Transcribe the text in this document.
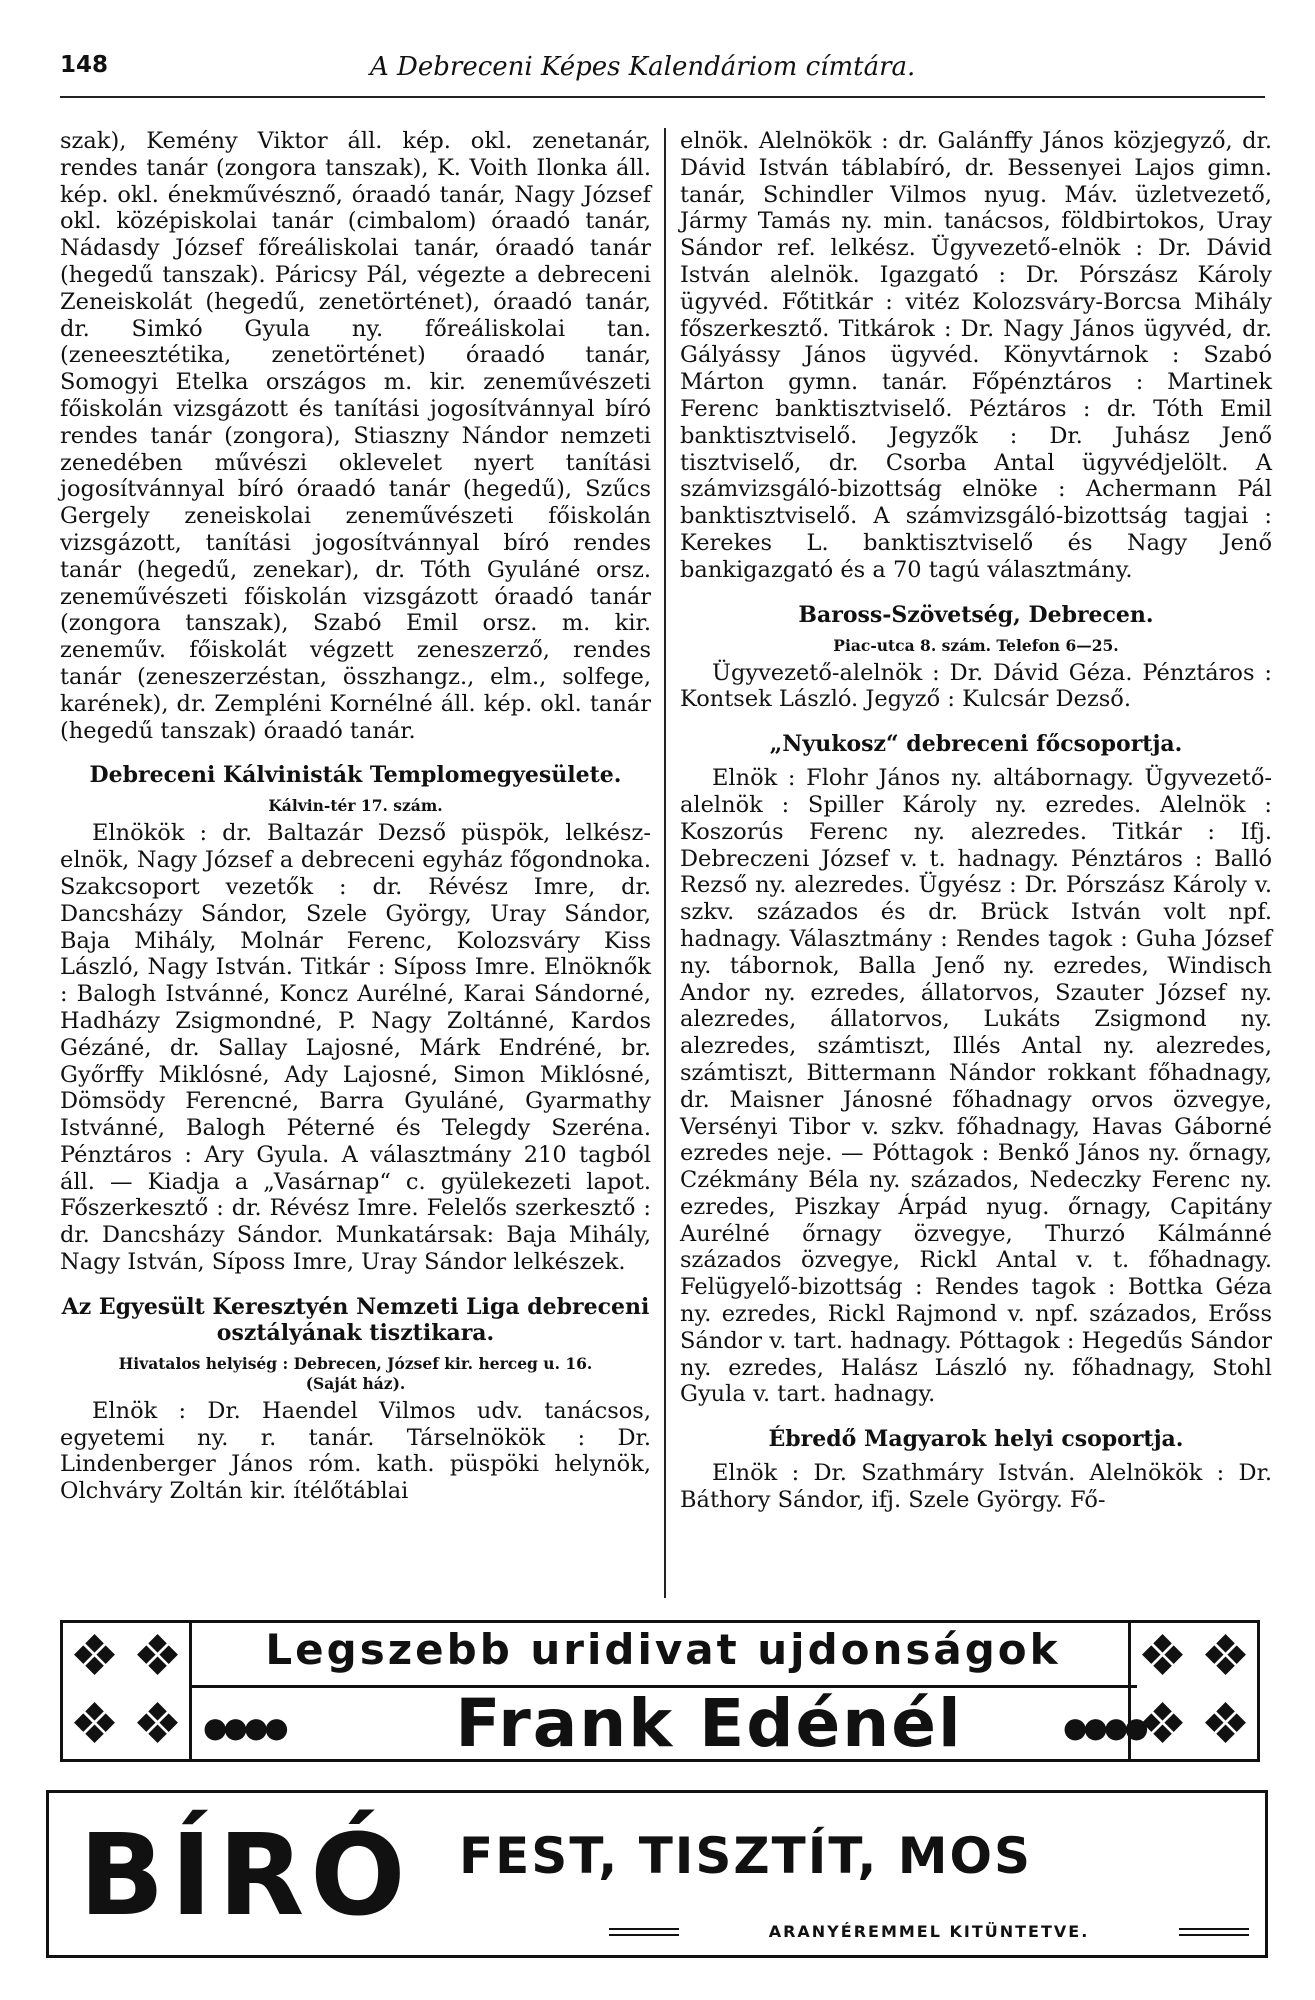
148	A Debreceni Képes Kalendáriom címtára.

szak), Kemény Viktor áll. kép. okl. zenetanár, rendes tanár (zongora tanszak), K. Voith Ilonka áll. kép. okl. énekművésznő, óraadó tanár, Nagy József okl. középiskolai tanár (cimbalom) óraadó tanár, Nádasdy József főreáliskolai tanár, óraadó tanár (hegedű tanszak). Páricsy Pál, végezte a debreceni Zeneiskolát (hegedű, zenetörténet), óraadó tanár, dr. Simkó Gyula ny. főreáliskolai tan. (zeneesztétika, zenetörténet) óraadó tanár, Somogyi Etelka országos m. kir. zeneművészeti főiskolán vizsgázott és tanítási jogosítvánnyal bíró rendes tanár (zongora), Stiaszny Nándor nemzeti zenedében művészi oklevelet nyert tanítási jogosítvánnyal bíró óraadó tanár (hegedű), Szűcs Gergely zeneiskolai zeneművészeti főiskolán vizsgázott, tanítási jogosítvánnyal bíró rendes tanár (hegedű, zenekar), dr. Tóth Gyuláné orsz. zeneművészeti főiskolán vizsgázott óraadó tanár (zongora tanszak), Szabó Emil orsz. m. kir. zeneműv. főiskolát végzett zeneszerző, rendes tanár (zeneszerzéstan, összhangz., elm., solfege, karének), dr. Zempléni Kornélné áll. kép. okl. tanár (hegedű tanszak) óraadó tanár.

Debreceni Kálvinisták Templomegyesülete.
Kálvin-tér 17. szám.

Elnökök : dr. Baltazár Dezső püspök, lelkész-elnök, Nagy József a debreceni egyház főgondnoka. Szakcsoport vezetők : dr. Révész Imre, dr. Dancsházy Sándor, Szele György, Uray Sándor, Baja Mihály, Molnár Ferenc, Kolozsváry Kiss László, Nagy István. Titkár : Síposs Imre. Elnöknők : Balogh Istvánné, Koncz Aurélné, Karai Sándorné, Hadházy Zsigmondné, P. Nagy Zoltánné, Kardos Gézáné, dr. Sallay Lajosné, Márk Endréné, br. Győrffy Miklósné, Ady Lajosné, Simon Miklósné, Dömsödy Ferencné, Barra Gyuláné, Gyarmathy Istvánné, Balogh Péterné és Telegdy Szeréna. Pénztáros : Ary Gyula. A választmány 210 tagból áll. — Kiadja a „Vasárnap“ c. gyülekezeti lapot. Főszerkesztő : dr. Révész Imre. Felelős szerkesztő : dr. Dancsházy Sándor. Munkatársak: Baja Mihály, Nagy István, Síposs Imre, Uray Sándor lelkészek.

Az Egyesült Keresztyén Nemzeti Liga debreceni osztályának tisztikara.
Hivatalos helyiség : Debrecen, József kir. herceg u. 16.
(Saját ház).

Elnök : Dr. Haendel Vilmos udv. tanácsos, egyetemi ny. r. tanár. Társelnökök : Dr. Lindenberger János róm. kath. püspöki helynök, Olchváry Zoltán kir. ítélőtáblai

elnök. Alelnökök : dr. Galánffy János közjegyző, dr. Dávid István táblabíró, dr. Bessenyei Lajos gimn. tanár, Schindler Vilmos nyug. Máv. üzletvezető, Jármy Tamás ny. min. tanácsos, földbirtokos, Uray Sándor ref. lelkész. Ügyvezető-elnök : Dr. Dávid István alelnök. Igazgató : Dr. Pórszász Károly ügyvéd. Főtitkár : vitéz Kolozsváry-Borcsa Mihály főszerkesztő. Titkárok : Dr. Nagy János ügyvéd, dr. Gályássy János ügyvéd. Könyvtárnok : Szabó Márton gymn. tanár. Főpénztáros : Martinek Ferenc banktisztviselő. Péztáros : dr. Tóth Emil banktisztviselő. Jegyzők : Dr. Juhász Jenő tisztviselő, dr. Csorba Antal ügyvédjelölt. A számvizsgáló-bizottság elnöke : Achermann Pál banktisztviselő. A számvizsgáló-bizottság tagjai : Kerekes L. banktisztviselő és Nagy Jenő bankigazgató és a 70 tagú választmány.

Baross-Szövetség, Debrecen.
Piac-utca 8. szám. Telefon 6—25.

Ügyvezető-alelnök : Dr. Dávid Géza. Pénztáros : Kontsek László. Jegyző : Kulcsár Dezső.

„Nyukosz“ debreceni főcsoportja.

Elnök : Flohr János ny. altábornagy. Ügyvezető-alelnök : Spiller Károly ny. ezredes. Alelnök : Koszorús Ferenc ny. alezredes. Titkár : Ifj. Debreczeni József v. t. hadnagy. Pénztáros : Balló Rezső ny. alezredes. Ügyész : Dr. Pórszász Károly v. szkv. százados és dr. Brück István volt npf. hadnagy. Választmány : Rendes tagok : Guha József ny. tábornok, Balla Jenő ny. ezredes, Windisch Andor ny. ezredes, állatorvos, Szauter József ny. alezredes, állatorvos, Lukáts Zsigmond ny. alezredes, számtiszt, Illés Antal ny. alezredes, számtiszt, Bittermann Nándor rokkant főhadnagy, dr. Maisner Jánosné főhadnagy orvos özvegye, Versényi Tibor v. szkv. főhadnagy, Havas Gáborné ezredes neje. — Póttagok : Benkő János ny. őrnagy, Czékmány Béla ny. százados, Nedeczky Ferenc ny. ezredes, Piszkay Árpád nyug. őrnagy, Capitány Aurélné őrnagy özvegye, Thurzó Kálmánné százados özvegye, Rickl Antal v. t. főhadnagy. Felügyelő-bizottság : Rendes tagok : Bottka Géza ny. ezredes, Rickl Rajmond v. npf. százados, Erőss Sándor v. tart. hadnagy. Póttagok : Hegedűs Sándor ny. ezredes, Halász László ny. főhadnagy, Stohl Gyula v. tart. hadnagy.

Ébredő Magyarok helyi csoportja.

Elnök : Dr. Szathmáry István. Alelnökök : Dr. Báthory Sándor, ifj. Szele György. Fő-

❖ ❖
❖ ❖
Legszebb uridivat ujdonságok
●●●●	Frank Edénél	●●●●
❖ ❖
❖ ❖
BÍRÓ FEST, TISZTÍT, MOS
ARANYÉREMMEL KITÜNTETVE.
